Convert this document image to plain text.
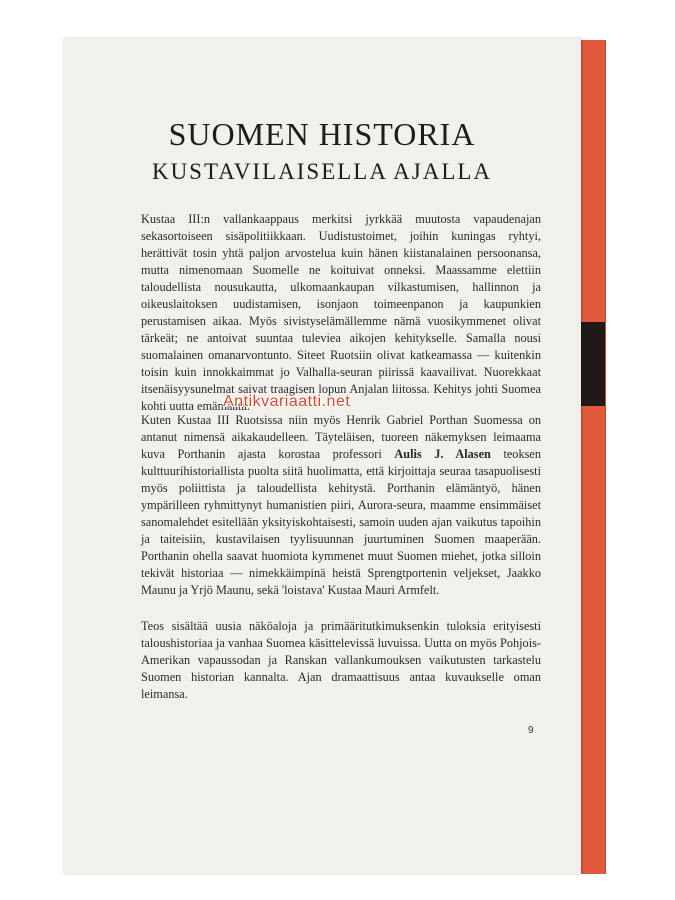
SUOMEN HISTORIA
KUSTAVILAISELLA AJALLA
Kustaa III:n vallankaappaus merkitsi jyrkkää muutosta vapaudenajan sekasortoiseen sisäpolitiikkaan. Uudistustoimet, joihin kuningas ryhtyi, herättivät tosin yhtä paljon arvostelua kuin hänen kiistanalainen persoonansa, mutta nimenomaan Suomelle ne koituivat onneksi. Maassamme elettiin taloudellista nousukautta, ulkomaankaupan vilkastumisen, hallinnon ja oikeuslaitoksen uudistamisen, isonjaon toimeenpanon ja kaupunkien perustamisen aikaa. Myös sivistyselämällemme nämä vuosikymmenet olivat tärkeät; ne antoivat suuntaa tuleviea aikojen kehitykselle. Samalla nousi suomalainen omanarvontunto. Siteet Ruotsiin olivat katkeamassa — kuitenkin toisin kuin innokkaimmat jo Valhalla-seuran piirissä kaavailivat. Nuorekkaat itsenäisyysunelmat saivat traagisen lopun Anjalan liitossa. Kehitys johti Suomea kohti uutta emämaata.
Kuten Kustaa III Ruotsissa niin myös Henrik Gabriel Porthan Suomessa on antanut nimensä aikakaudelleen. Täyteläisen, tuoreen näkemyksen leimaama kuva Porthanin ajasta korostaa professori Aulis J. Alasen teoksen kulttuurihistoriallista puolta siitä huolimatta, että kirjoittaja seuraa tasapuolisesti myös poliittista ja taloudellista kehitystä. Porthanin elämäntyö, hänen ympärilleen ryhmittynyt humanistien piiri, Aurora-seura, maamme ensimmäiset sanomalehdet esitellään yksityiskohtaisesti, samoin uuden ajan vaikutus tapoihin ja taiteisiin, kustavilaisen tyylisuunnan juurtuminen Suomen maaperään. Porthanin ohella saavat huomiota kymmenet muut Suomen miehet, jotka silloin tekivät historiaa — nimekkäimpinä heistä Sprengtportenin veljekset, Jaakko Maunu ja Yrjö Maunu, sekä 'loistava' Kustaa Mauri Armfelt.
Teos sisältää uusia näköaloja ja primääritutkimuksenkin tuloksia erityisesti taloushistoriaa ja vanhaa Suomea käsittelevissä luvuissa. Uutta on myös Pohjois-Amerikan vapaussodan ja Ranskan vallankumouksen vaikutusten tarkastelu Suomen historian kannalta. Ajan dramaattisuus antaa kuvaukselle oman leimansa.
9
Antikvariaatti.net
